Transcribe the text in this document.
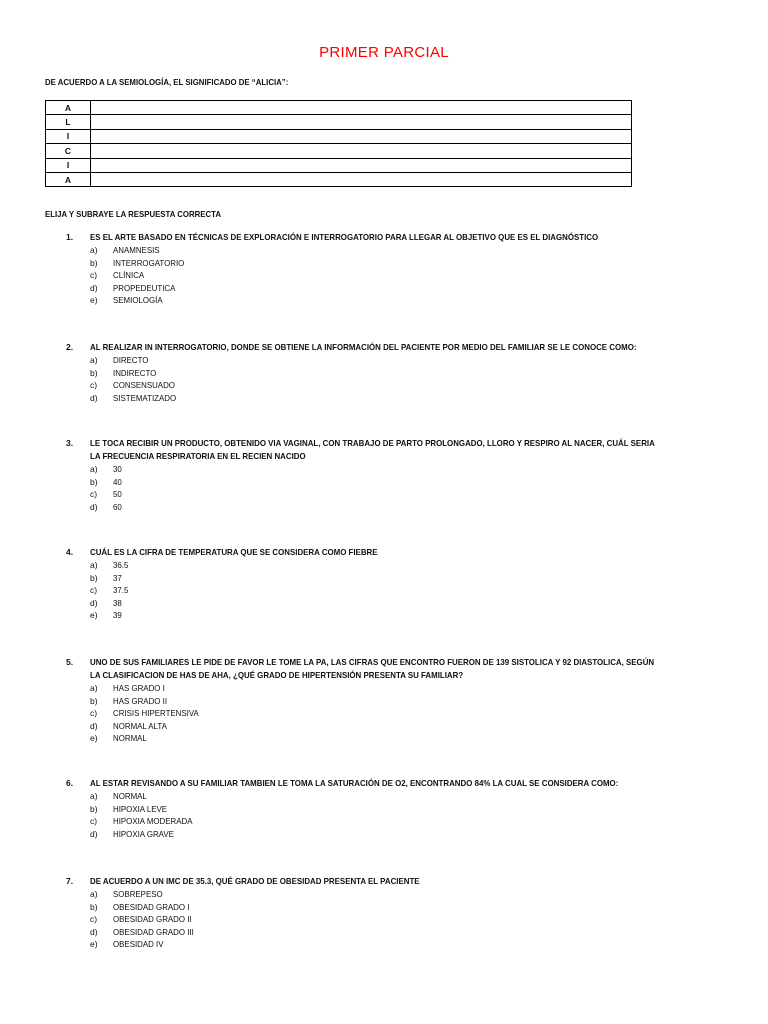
PRIMER PARCIAL
DE ACUERDO A LA SEMIOLOGÍA, EL SIGNIFICADO DE “ALICIA”:
A	
L	
I	
C	
I	
A	
ELIJA Y SUBRAYE LA RESPUESTA CORRECTA
1.	ES EL ARTE BASADO EN TÉCNICAS DE EXPLORACIÓN E INTERROGATORIO PARA LLEGAR AL OBJETIVO QUE ES EL DIAGNÓSTICO
a)	ANAMNESIS
b)	INTERROGATORIO
c)	CLÍNICA
d)	PROPEDEUTICA
e)	SEMIOLOGÍA
2.	AL REALIZAR IN INTERROGATORIO, DONDE SE OBTIENE LA INFORMACIÓN DEL PACIENTE POR MEDIO DEL FAMILIAR SE LE CONOCE COMO:
a)	DIRECTO
b)	INDIRECTO
c)	CONSENSUADO
d)	SISTEMATIZADO
3.	LE TOCA RECIBIR UN PRODUCTO, OBTENIDO VIA VAGINAL, CON TRABAJO DE PARTO PROLONGADO, LLORO Y RESPIRO AL NACER, CUÁL SERIA LA FRECUENCIA RESPIRATORIA EN EL RECIEN NACIDO
a)	30
b)	40
c)	50
d)	60
4.	CUÁL ES LA CIFRA DE TEMPERATURA QUE SE CONSIDERA COMO FIEBRE
a)	36.5
b)	37
c)	37.5
d)	38
e)	39
5.	UNO DE SUS FAMILIARES LE PIDE DE FAVOR LE TOME LA PA, LAS CIFRAS QUE ENCONTRO FUERON DE 139 SISTOLICA Y 92 DIASTOLICA, SEGÚN LA CLASIFICACION DE HAS DE AHA, ¿QUÉ GRADO DE HIPERTENSIÓN PRESENTA SU FAMILIAR?
a)	HAS GRADO I
b)	HAS GRADO II
c)	CRISIS HIPERTENSIVA
d)	NORMAL ALTA
e)	NORMAL
6.	AL ESTAR REVISANDO A SU FAMILIAR TAMBIEN LE TOMA LA SATURACIÓN DE O2, ENCONTRANDO 84% LA CUAL SE CONSIDERA COMO:
a)	NORMAL
b)	HIPOXIA LEVE
c)	HIPOXIA MODERADA
d)	HIPOXIA GRAVE
7.	DE ACUERDO A UN IMC DE 35.3, QUÉ GRADO DE OBESIDAD PRESENTA EL PACIENTE
a)	SOBREPESO
b)	OBESIDAD GRADO I
c)	OBESIDAD GRADO II
d)	OBESIDAD GRADO III
e)	OBESIDAD IV
